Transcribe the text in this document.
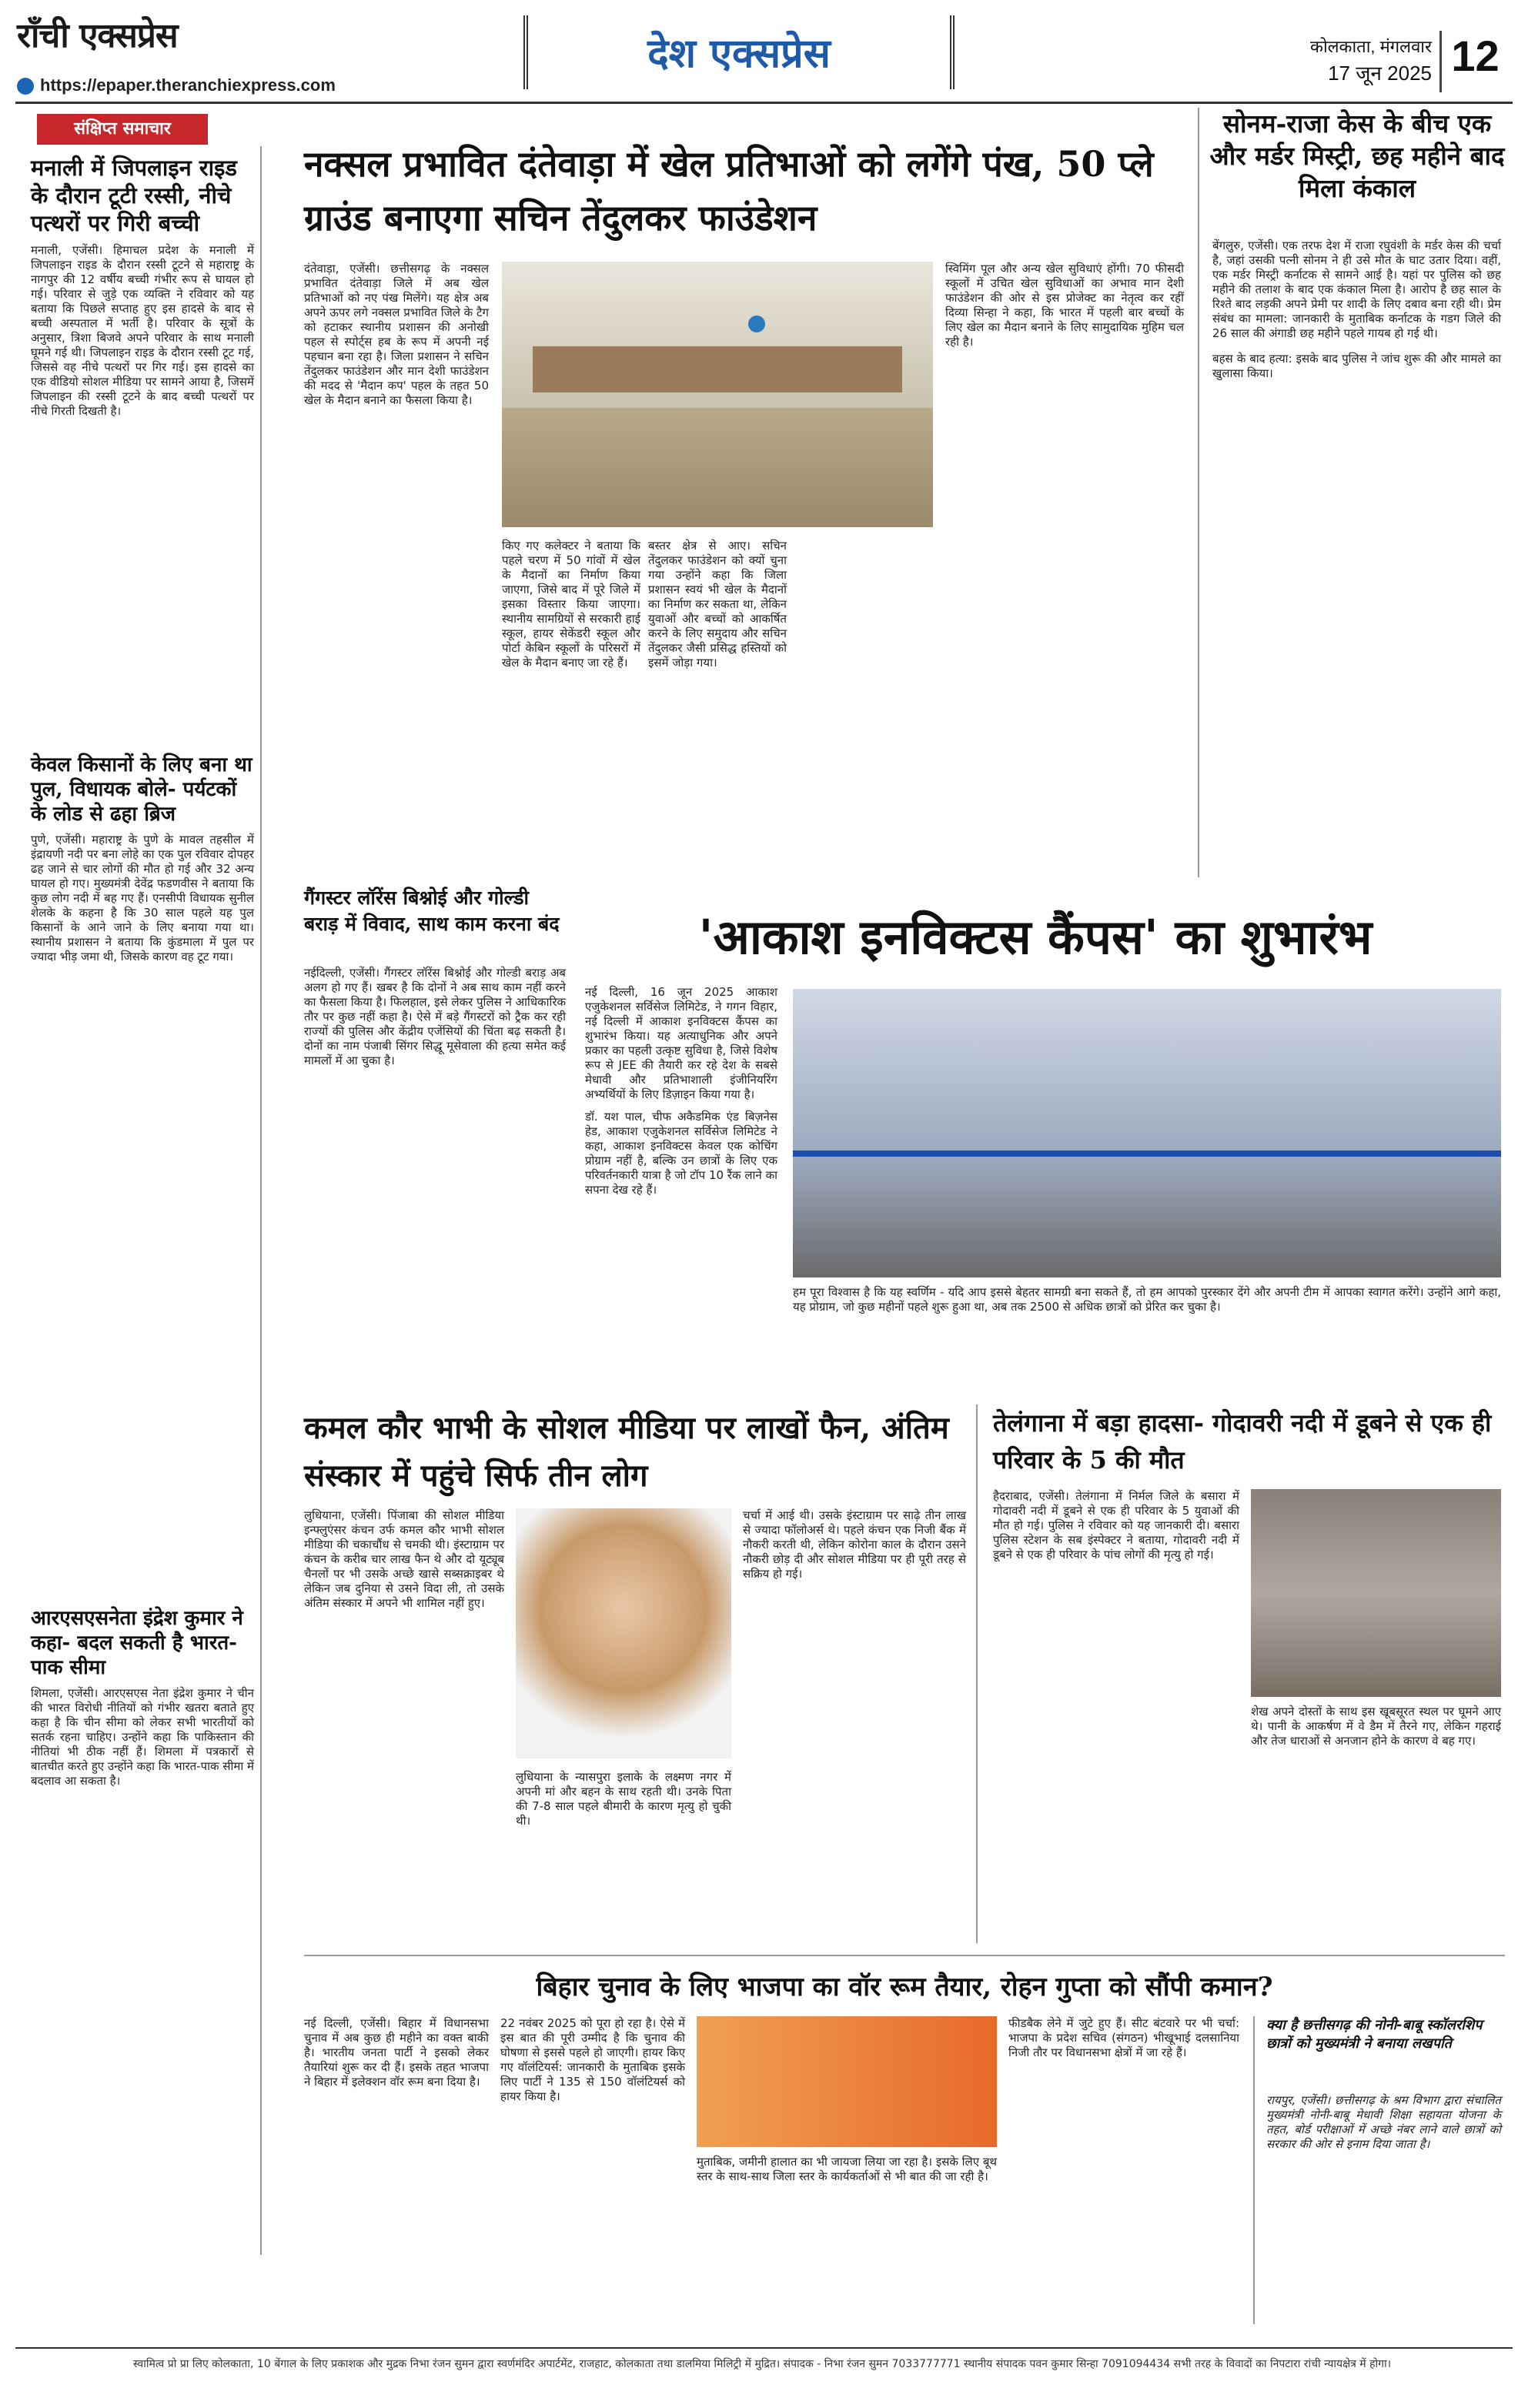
राँची एक्सप्रेस
https://epaper.theranchiexpress.com
देश एक्सप्रेस	कोलकाता, मंगलवार
17 जून 2025 12
संक्षिप्त समाचार
मनाली में जिपलाइन राइड के दौरान टूटी रस्सी, नीचे पत्थरों पर गिरी बच्ची
मनाली, एजेंसी। हिमाचल प्रदेश के मनाली में जिपलाइन राइड के दौरान रस्सी टूटने से महाराष्ट्र के नागपुर की 12 वर्षीय बच्ची गंभीर रूप से घायल हो गई। परिवार से जुड़े एक व्यक्ति ने रविवार को यह बताया कि पिछले सप्ताह हुए इस हादसे के बाद से बच्ची अस्पताल में भर्ती है। परिवार के सूत्रों के अनुसार, त्रिशा बिजवे अपने परिवार के साथ मनाली घूमने गई थी। जिपलाइन राइड के दौरान रस्सी टूट गई, जिससे वह नीचे पत्थरों पर गिर गई। इस हादसे का एक वीडियो सोशल मीडिया पर सामने आया है, जिसमें जिपलाइन की रस्सी टूटने के बाद बच्ची पत्थरों पर नीचे गिरती दिखती है।
केवल किसानों के लिए बना था पुल, विधायक बोले- पर्यटकों के लोड से ढहा ब्रिज
पुणे, एजेंसी। महाराष्ट्र के पुणे के मावल तहसील में इंद्रायणी नदी पर बना लोहे का एक पुल रविवार दोपहर ढह जाने से चार लोगों की मौत हो गई और 32 अन्य घायल हो गए। मुख्यमंत्री देवेंद्र फडणवीस ने बताया कि कुछ लोग नदी में बह गए हैं। एनसीपी विधायक सुनील शेलके के कहना है कि 30 साल पहले यह पुल किसानों के आने जाने के लिए बनाया गया था। स्थानीय प्रशासन ने बताया कि कुंडमाला में पुल पर ज्यादा भीड़ जमा थी, जिसके कारण वह टूट गया।
आरएसएसनेता इंद्रेश कुमार ने कहा- बदल सकती है भारत-पाक सीमा
शिमला, एजेंसी। आरएसएस नेता इंद्रेश कुमार ने चीन की भारत विरोधी नीतियों को गंभीर खतरा बताते हुए कहा है कि चीन सीमा को लेकर सभी भारतीयों को सतर्क रहना चाहिए। उन्होंने कहा कि पाकिस्तान की नीतियां भी ठीक नहीं हैं। शिमला में पत्रकारों से बातचीत करते हुए उन्होंने कहा कि भारत-पाक सीमा में बदलाव आ सकता है।
नक्सल प्रभावित दंतेवाड़ा में खेल प्रतिभाओं को लगेंगे पंख, 50 प्ले ग्राउंड बनाएगा सचिन तेंदुलकर फाउंडेशन
दंतेवाड़ा, एजेंसी। छत्तीसगढ़ के नक्सल प्रभावित दंतेवाड़ा जिले में अब खेल प्रतिभाओं को नए पंख मिलेंगे। यह क्षेत्र अब अपने ऊपर लगे नक्सल प्रभावित जिले के टैग को हटाकर स्थानीय प्रशासन की अनोखी पहल से स्पोर्ट्स हब के रूप में अपनी नई पहचान बना रहा है। जिला प्रशासन ने सचिन तेंदुलकर फाउंडेशन और मान देशी फाउंडेशन की मदद से 'मैदान कप' पहल के तहत 50 खेल के मैदान बनाने का फैसला किया है।
किए गए कलेक्टर ने बताया कि पहले चरण में 50 गांवों में खेल के मैदानों का निर्माण किया जाएगा, जिसे बाद में पूरे जिले में इसका विस्तार किया जाएगा। स्थानीय सामग्रियों से सरकारी हाई स्कूल, हायर सेकेंडरी स्कूल और पोर्टा केबिन स्कूलों के परिसरों में खेल के मैदान बनाए जा रहे हैं।
बस्तर क्षेत्र से आए। सचिन तेंदुलकर फाउंडेशन को क्यों चुना गया उन्होंने कहा कि जिला प्रशासन स्वयं भी खेल के मैदानों का निर्माण कर सकता था, लेकिन युवाओं और बच्चों को आकर्षित करने के लिए समुदाय और सचिन तेंदुलकर जैसी प्रसिद्ध हस्तियों को इसमें जोड़ा गया।
स्विमिंग पूल और अन्य खेल सुविधाएं होंगी। 70 फीसदी स्कूलों में उचित खेल सुविधाओं का अभाव मान देशी फाउंडेशन की ओर से इस प्रोजेक्ट का नेतृत्व कर रहीं दिव्या सिन्हा ने कहा, कि भारत में पहली बार बच्चों के लिए खेल का मैदान बनाने के लिए सामुदायिक मुहिम चल रही है।
सोनम-राजा केस के बीच एक और मर्डर मिस्ट्री, छह महीने बाद मिला कंकाल
बेंगलुरु, एजेंसी। एक तरफ देश में राजा रघुवंशी के मर्डर केस की चर्चा है, जहां उसकी पत्नी सोनम ने ही उसे मौत के घाट उतार दिया। वहीं, एक मर्डर मिस्ट्री कर्नाटक से सामने आई है। यहां पर पुलिस को छह महीने की तलाश के बाद एक कंकाल मिला है। आरोप है छह साल के रिश्ते बाद लड़की अपने प्रेमी पर शादी के लिए दबाव बना रही थी। प्रेम संबंध का मामला: जानकारी के मुताबिक कर्नाटक के गडग जिले की 26 साल की अंगाडी छह महीने पहले गायब हो गई थी।
बहस के बाद हत्या: इसके बाद पुलिस ने जांच शुरू की और मामले का खुलासा किया।
गैंगस्टर लॉरेंस बिश्नोई और गोल्डी बराड़ में विवाद, साथ काम करना बंद
नईदिल्ली, एजेंसी। गैंगस्टर लॉरेंस बिश्नोई और गोल्डी बराड़ अब अलग हो गए हैं। खबर है कि दोनों ने अब साथ काम नहीं करने का फैसला किया है। फिलहाल, इसे लेकर पुलिस ने आधिकारिक तौर पर कुछ नहीं कहा है। ऐसे में बड़े गैंगस्टरों को ट्रैक कर रही राज्यों की पुलिस और केंद्रीय एजेंसियों की चिंता बढ़ सकती है। दोनों का नाम पंजाबी सिंगर सिद्धू मूसेवाला की हत्या समेत कई मामलों में आ चुका है।
'आकाश इनविक्टस कैंपस' का शुभारंभ
नई दिल्ली, 16 जून 2025 आकाश एजुकेशनल सर्विसेज लिमिटेड, ने गगन विहार, नई दिल्ली में आकाश इनविक्टस कैंपस का शुभारंभ किया। यह अत्याधुनिक और अपने प्रकार का पहली उत्कृष्ट सुविधा है, जिसे विशेष रूप से JEE की तैयारी कर रहे देश के सबसे मेधावी और प्रतिभाशाली इंजीनियरिंग अभ्यर्थियों के लिए डिज़ाइन किया गया है।
डॉ. यश पाल, चीफ अकैडमिक एंड बिज़नेस हेड, आकाश एजुकेशनल सर्विसेज लिमिटेड ने कहा, आकाश इनविक्टस केवल एक कोचिंग प्रोग्राम नहीं है, बल्कि उन छात्रों के लिए एक परिवर्तनकारी यात्रा है जो टॉप 10 रैंक लाने का सपना देख रहे हैं।
हम पूरा विश्वास है कि यह स्वर्णिम - यदि आप इससे बेहतर सामग्री बना सकते हैं, तो हम आपको पुरस्कार देंगे और अपनी टीम में आपका स्वागत करेंगे। उन्होंने आगे कहा, यह प्रोग्राम, जो कुछ महीनों पहले शुरू हुआ था, अब तक 2500 से अधिक छात्रों को प्रेरित कर चुका है।
कमल कौर भाभी के सोशल मीडिया पर लाखों फैन, अंतिम संस्कार में पहुंचे सिर्फ तीन लोग
लुधियाना, एजेंसी। पिंजाबा की सोशल मीडिया इन्फ्लुएंसर कंचन उर्फ कमल कौर भाभी सोशल मीडिया की चकाचौंध से चमकी थी। इंस्टाग्राम पर कंचन के करीब चार लाख फैन थे और दो यूट्यूब चैनलों पर भी उसके अच्छे खासे सब्सक्राइबर थे लेकिन जब दुनिया से उसने विदा ली, तो उसके अंतिम संस्कार में अपने भी शामिल नहीं हुए।
लुधियाना के न्यासपुरा इलाके के लक्ष्मण नगर में अपनी मां और बहन के साथ रहती थी। उनके पिता की 7-8 साल पहले बीमारी के कारण मृत्यु हो चुकी थी।
चर्चा में आई थी। उसके इंस्टाग्राम पर साढ़े तीन लाख से ज्यादा फॉलोअर्स थे। पहले कंचन एक निजी बैंक में नौकरी करती थी, लेकिन कोरोना काल के दौरान उसने नौकरी छोड़ दी और सोशल मीडिया पर ही पूरी तरह से सक्रिय हो गई।
तेलंगाना में बड़ा हादसा- गोदावरी नदी में डूबने से एक ही परिवार के 5 की मौत
हैदराबाद, एजेंसी। तेलंगाना में निर्मल जिले के बसारा में गोदावरी नदी में डूबने से एक ही परिवार के 5 युवाओं की मौत हो गई। पुलिस ने रविवार को यह जानकारी दी। बसारा पुलिस स्टेशन के सब इंस्पेक्टर ने बताया, गोदावरी नदी में डूबने से एक ही परिवार के पांच लोगों की मृत्यु हो गई।
शेख अपने दोस्तों के साथ इस खूबसूरत स्थल पर घूमने आए थे। पानी के आकर्षण में वे डैम में तैरने गए, लेकिन गहराई और तेज धाराओं से अनजान होने के कारण वे बह गए।
बिहार चुनाव के लिए भाजपा का वॉर रूम तैयार, रोहन गुप्ता को सौंपी कमान?
नई दिल्ली, एजेंसी। बिहार में विधानसभा चुनाव में अब कुछ ही महीने का वक्त बाकी है। भारतीय जनता पार्टी ने इसको लेकर तैयारियां शुरू कर दी हैं। इसके तहत भाजपा ने बिहार में इलेक्शन वॉर रूम बना दिया है।
22 नवंबर 2025 को पूरा हो रहा है। ऐसे में इस बात की पूरी उम्मीद है कि चुनाव की घोषणा से इससे पहले हो जाएगी। हायर किए गए वॉलंटियर्स: जानकारी के मुताबिक इसके लिए पार्टी ने 135 से 150 वॉलंटियर्स को हायर किया है।
मुताबिक, जमीनी हालात का भी जायजा लिया जा रहा है। इसके लिए बूथ स्तर के साथ-साथ जिला स्तर के कार्यकर्ताओं से भी बात की जा रही है।
फीडबैक लेने में जुटे हुए हैं। सीट बंटवारे पर भी चर्चा: भाजपा के प्रदेश सचिव (संगठन) भीखूभाई दलसानिया निजी तौर पर विधानसभा क्षेत्रों में जा रहे हैं।
क्या है छत्तीसगढ़ की नोनी-बाबू स्कॉलरशिप छात्रों को मुख्यमंत्री ने बनाया लखपति
रायपुर, एजेंसी। छत्तीसगढ़ के श्रम विभाग द्वारा संचालित मुख्यमंत्री नोनी-बाबू मेधावी शिक्षा सहायता योजना के तहत, बोर्ड परीक्षाओं में अच्छे नंबर लाने वाले छात्रों को सरकार की ओर से इनाम दिया जाता है।
स्वामित्व प्रो प्रा लिए कोलकाता, 10 बेंगाल के लिए प्रकाशक और मुद्रक निभा रंजन सुमन द्वारा स्वर्णमंदिर अपार्टमेंट, राजहाट, कोलकाता तथा डालमिया मिलिट्री में मुद्रित। संपादक - निभा रंजन सुमन 7033777771 स्थानीय संपादक पवन कुमार सिन्हा 7091094434 सभी तरह के विवादों का निपटारा रांची न्यायक्षेत्र में होगा।
